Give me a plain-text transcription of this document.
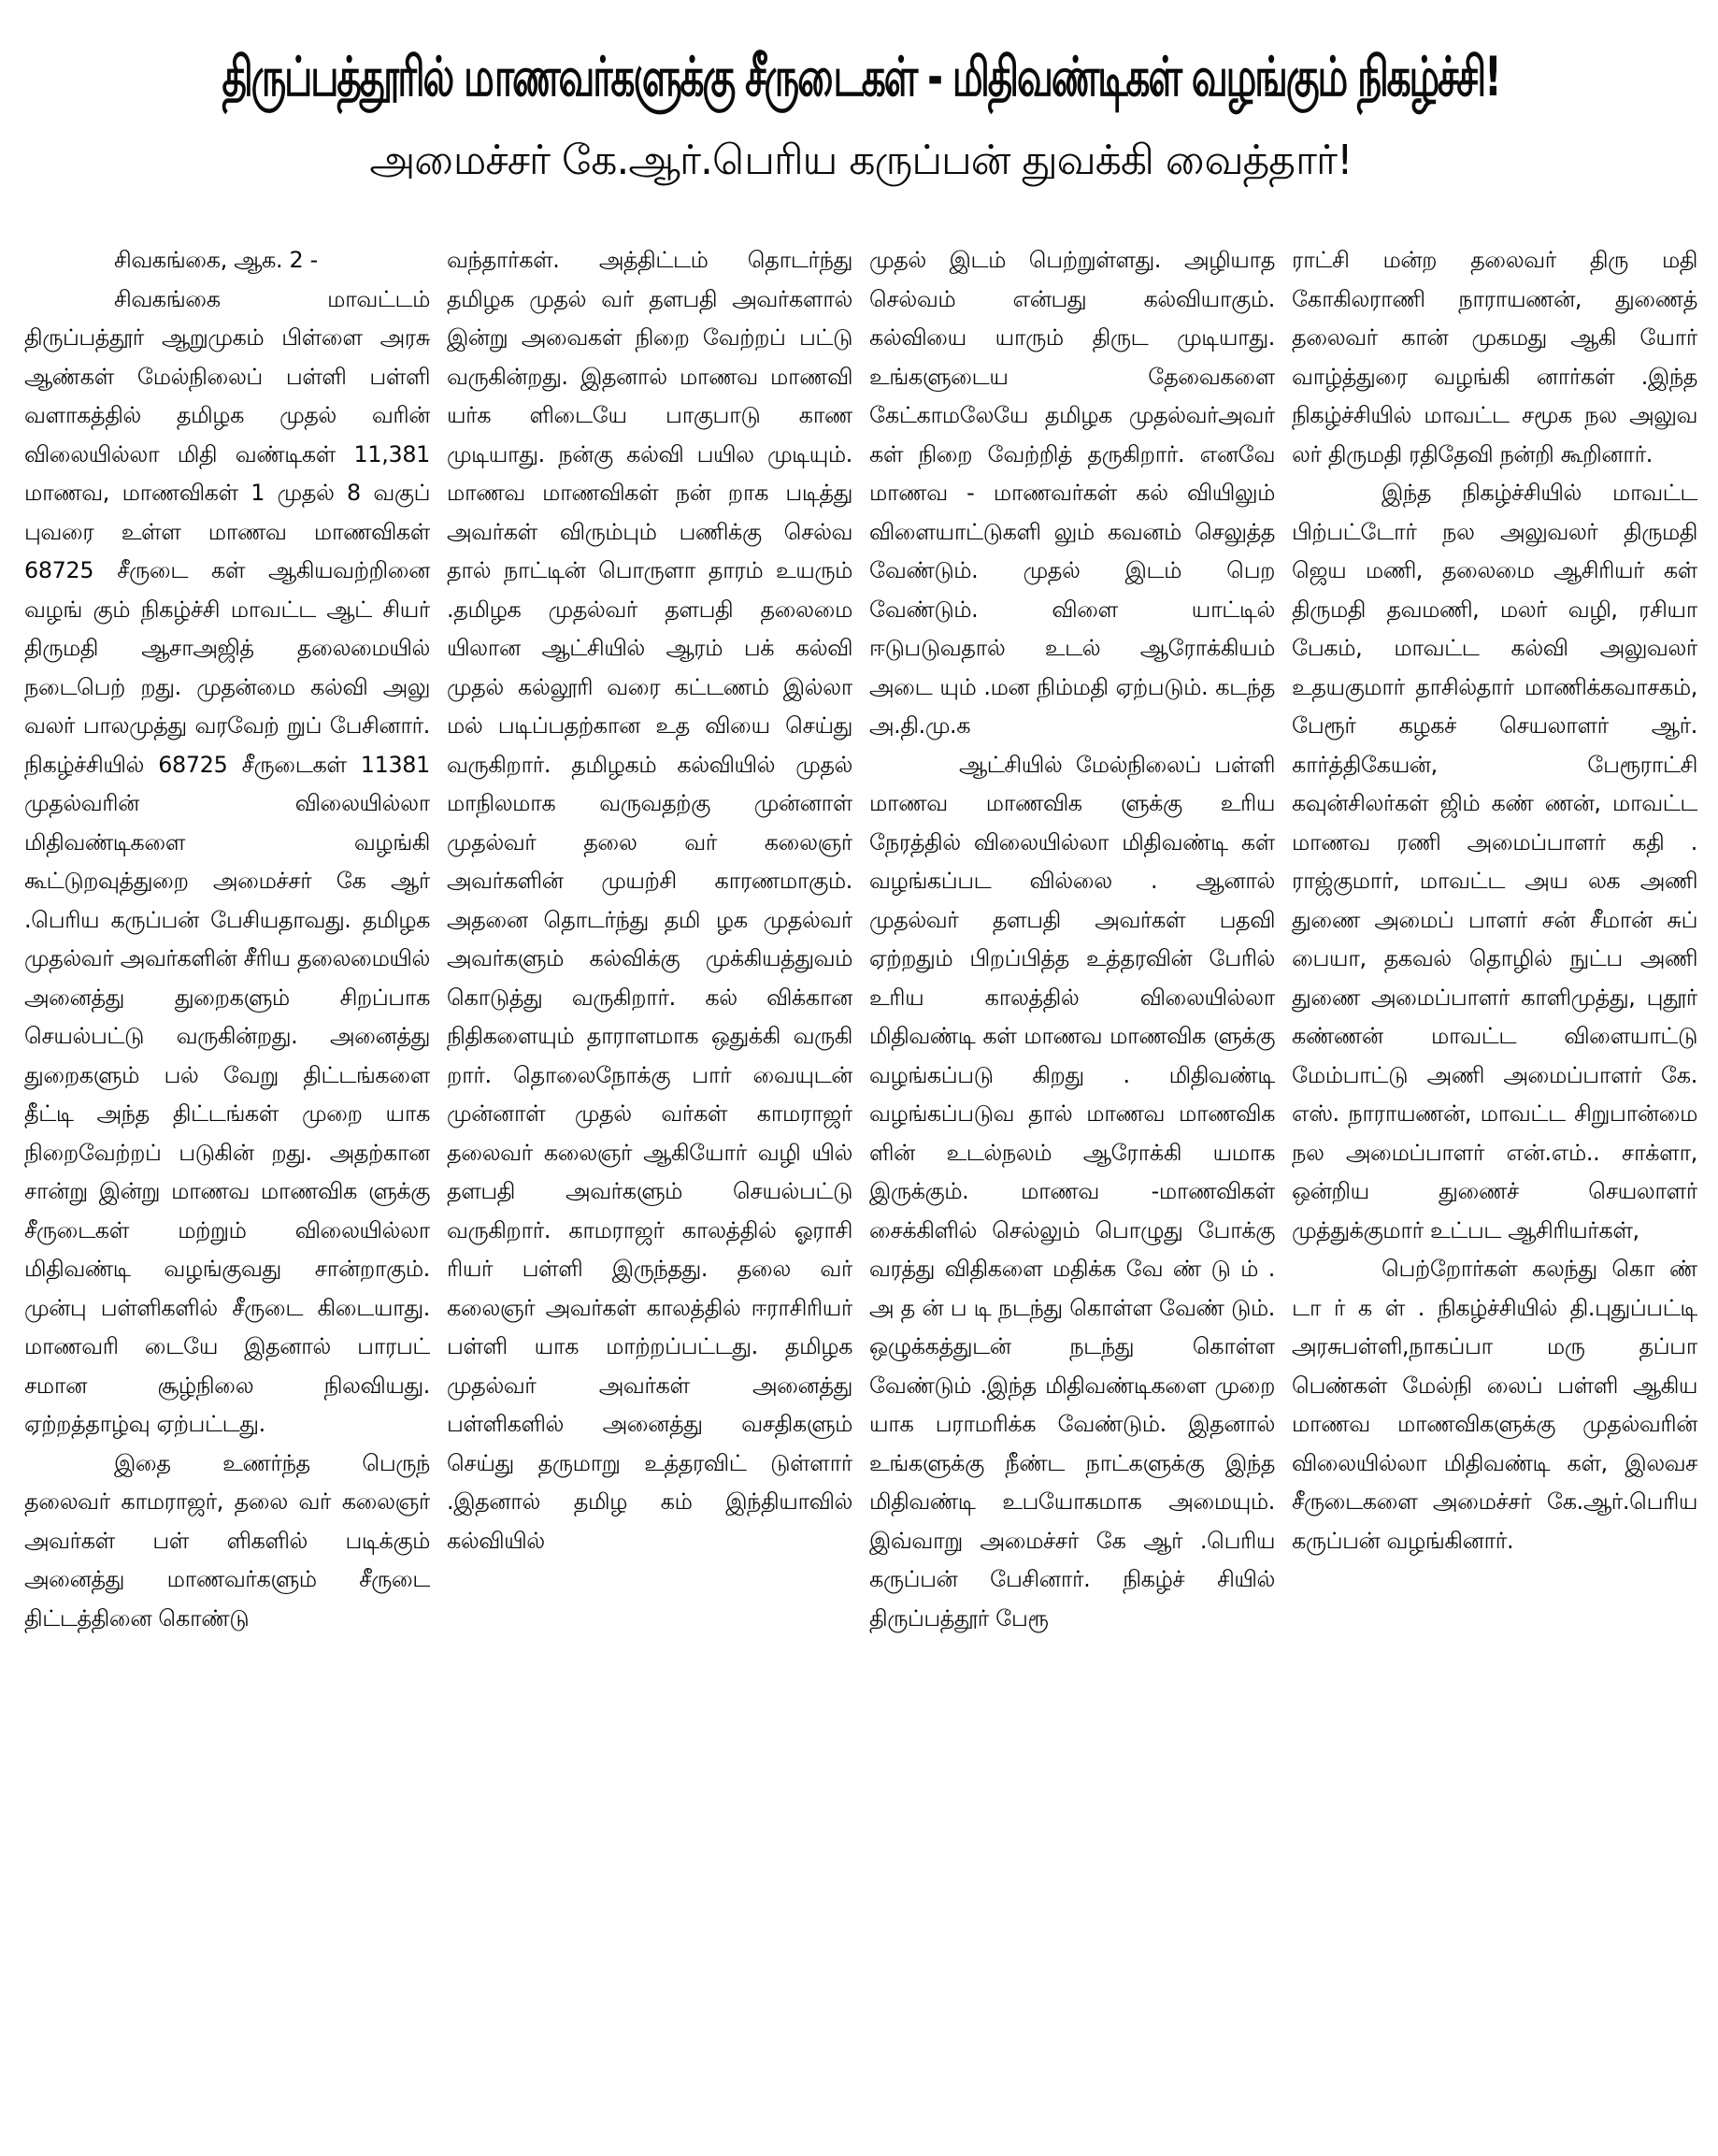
திருப்பத்தூரில் மாணவர்களுக்கு சீருடைகள் - மிதிவண்டிகள் வழங்கும் நிகழ்ச்சி!
அமைச்சர் கே.ஆர்.பெரிய கருப்பன் துவக்கி வைத்தார்!

சிவகங்கை, ஆக. 2 -

சிவகங்கை மாவட்டம் திருப்பத்தூர் ஆறுமுகம் பிள்ளை அரசு ஆண்கள் மேல்நிலைப் பள்ளி பள்ளி வளாகத்தில் தமிழக முதல் வரின் விலையில்லா மிதி வண்டிகள் 11,381 மாணவ, மாணவிகள் 1 முதல் 8 வகுப் புவரை உள்ள மாணவ மாணவிகள் 68725 சீருடை கள் ஆகியவற்றினை வழங் கும் நிகழ்ச்சி மாவட்ட ஆட் சியர் திருமதி ஆசாஅஜித் தலைமையில் நடைபெற் றது. முதன்மை கல்வி அலு வலர் பாலமுத்து வரவேற் றுப் பேசினார். நிகழ்ச்சியில் 68725 சீருடைகள் 11381 முதல்வரின் விலையில்லா மிதிவண்டிகளை வழங்கி கூட்டுறவுத்துறை அமைச்சர் கே ஆர் .பெரிய கருப்பன் பேசியதாவது. தமிழக முதல்வர் அவர்களின் சீரிய தலைமையில் அனைத்து துறைகளும் சிறப்பாக செயல்பட்டு வருகின்றது. அனைத்து துறைகளும் பல் வேறு திட்டங்களை தீட்டி அந்த திட்டங்கள் முறை யாக நிறைவேற்றப் படுகின் றது. அதற்கான சான்று இன்று மாணவ மாணவிக ளுக்கு சீருடைகள் மற்றும் விலையில்லா மிதிவண்டி வழங்குவது சான்றாகும். முன்பு பள்ளிகளில் சீருடை கிடையாது. மாணவரி டையே இதனால் பாரபட் சமான சூழ்நிலை நிலவியது. ஏற்றத்தாழ்வு ஏற்பட்டது.

இதை உணர்ந்த பெருந் தலைவர் காமராஜர், தலை வர் கலைஞர் அவர்கள் பள் ளிகளில் படிக்கும் அனைத்து மாணவர்களும் சீருடை திட்டத்தினை கொண்டு

வந்தார்கள். அத்திட்டம் தொடர்ந்து தமிழக முதல் வர் தளபதி அவர்களால் இன்று அவைகள் நிறை வேற்றப் பட்டு வருகின்றது. இதனால் மாணவ மாணவி யர்க ளிடையே பாகுபாடு காண முடியாது. நன்கு கல்வி பயில முடியும். மாணவ மாணவிகள் நன் றாக படித்து அவர்கள் விரும்பும் பணிக்கு செல்வ தால் நாட்டின் பொருளா தாரம் உயரும் .தமிழக முதல்வர் தளபதி தலைமை யிலான ஆட்சியில் ஆரம் பக் கல்வி முதல் கல்லூரி வரை கட்டணம் இல்லா மல் படிப்பதற்கான உத வியை செய்து வருகிறார். தமிழகம் கல்வியில் முதல் மாநிலமாக வருவதற்கு முன்னாள் முதல்வர் தலை வர் கலைஞர் அவர்களின் முயற்சி காரணமாகும். அதனை தொடர்ந்து தமி ழக முதல்வர் அவர்களும் கல்விக்கு முக்கியத்துவம் கொடுத்து வருகிறார். கல் விக்கான நிதிகளையும் தாராளமாக ஒதுக்கி வருகி றார். தொலைநோக்கு பார் வையுடன் முன்னாள் முதல் வர்கள் காமராஜர் தலைவர் கலைஞர் ஆகியோர் வழி யில் தளபதி அவர்களும் செயல்பட்டு வருகிறார். காமராஜர் காலத்தில் ஓராசி ரியர் பள்ளி இருந்தது. தலை வர் கலைஞர் அவர்கள் காலத்தில் ஈராசிரியர் பள்ளி யாக மாற்றப்பட்டது. தமிழக முதல்வர் அவர்கள் அனைத்து பள்ளிகளில் அனைத்து வசதிகளும் செய்து தருமாறு உத்தரவிட் டுள்ளார் .இதனால் தமிழ கம் இந்தியாவில் கல்வியில்

முதல் இடம் பெற்றுள்ளது. அழியாத செல்வம் என்பது கல்வியாகும். கல்வியை யாரும் திருட முடியாது. உங்களுடைய தேவைகளை கேட்காமலேயே தமிழக முதல்வர்அவர் கள் நிறை வேற்றித் தருகிறார். எனவே மாணவ - மாணவர்கள் கல் வியிலும் விளையாட்டுகளி லும் கவனம் செலுத்த வேண்டும். முதல் இடம் பெற வேண்டும். விளை யாட்டில் ஈடுபடுவதால் உடல் ஆரோக்கியம் அடை யும் .மன நிம்மதி ஏற்படும். கடந்த அ.தி.மு.க

ஆட்சியில் மேல்நிலைப் பள்ளி மாணவ மாணவிக ளுக்கு உரிய நேரத்தில் விலையில்லா மிதிவண்டி கள் வழங்கப்பட வில்லை . ஆனால் முதல்வர் தளபதி அவர்கள் பதவி ஏற்றதும் பிறப்பித்த உத்தரவின் பேரில் உரிய காலத்தில் விலையில்லா மிதிவண்டி கள் மாணவ மாணவிக ளுக்கு வழங்கப்படு கிறது . மிதிவண்டி வழங்கப்படுவ தால் மாணவ மாணவிக ளின் உடல்நலம் ஆரோக்கி யமாக இருக்கும். மாணவ -மாணவிகள் சைக்கிளில் செல்லும் பொழுது போக்கு வரத்து விதிகளை மதிக்க வே ண் டு ம் . அ த ன் ப டி நடந்து கொள்ள வேண் டும். ஒழுக்கத்துடன் நடந்து கொள்ள வேண்டும் .இந்த மிதிவண்டிகளை முறை யாக பராமரிக்க வேண்டும். இதனால் உங்களுக்கு நீண்ட நாட்களுக்கு இந்த மிதிவண்டி உபயோகமாக அமையும். இவ்வாறு அமைச்சர் கே ஆர் .பெரிய கருப்பன் பேசினார். நிகழ்ச் சியில் திருப்பத்தூர் பேரூ

ராட்சி மன்ற தலைவர் திரு மதி கோகிலராணி நாராயணன், துணைத் தலைவர் கான் முகமது ஆகி யோர் வாழ்த்துரை வழங்கி னார்கள் .இந்த நிகழ்ச்சியில் மாவட்ட சமூக நல அலுவ லர் திருமதி ரதிதேவி நன்றி கூறினார்.

இந்த நிகழ்ச்சியில் மாவட்ட பிற்பட்டோர் நல அலுவலர் திருமதி ஜெய மணி, தலைமை ஆசிரியர் கள் திருமதி தவமணி, மலர் வழி, ரசியா பேகம், மாவட்ட கல்வி அலுவலர் உதயகுமார் தாசில்தார் மாணிக்கவாசகம், பேரூர் கழகச் செயலாளர் ஆர். கார்த்திகேயன், பேரூராட்சி கவுன்சிலர்கள் ஜிம் கண் ணன், மாவட்ட மாணவ ரணி அமைப்பாளர் கதி . ராஜ்குமார், மாவட்ட அய லக அணி துணை அமைப் பாளர் சன் சீமான் சுப் பையா, தகவல் தொழில் நுட்ப அணி துணை அமைப்பாளர் காளிமுத்து, புதூர் கண்ணன் மாவட்ட விளையாட்டு மேம்பாட்டு அணி அமைப்பாளர் கே. எஸ். நாராயணன், மாவட்ட சிறுபான்மை நல அமைப்பாளர் என்.எம்.. சாக்ளா, ஒன்றிய துணைச் செயலாளர் முத்துக்குமார் உட்பட ஆசிரியர்கள்,

பெற்றோர்கள் கலந்து கொ ண் டா ர் க ள் . நிகழ்ச்சியில் தி.புதுப்பட்டி அரசுபள்ளி,நாகப்பா மரு தப்பா பெண்கள் மேல்நி லைப் பள்ளி ஆகிய மாணவ மாணவிகளுக்கு முதல்வரின் விலையில்லா மிதிவண்டி கள், இலவச சீருடைகளை அமைச்சர் கே.ஆர்.பெரிய கருப்பன் வழங்கினார்.
